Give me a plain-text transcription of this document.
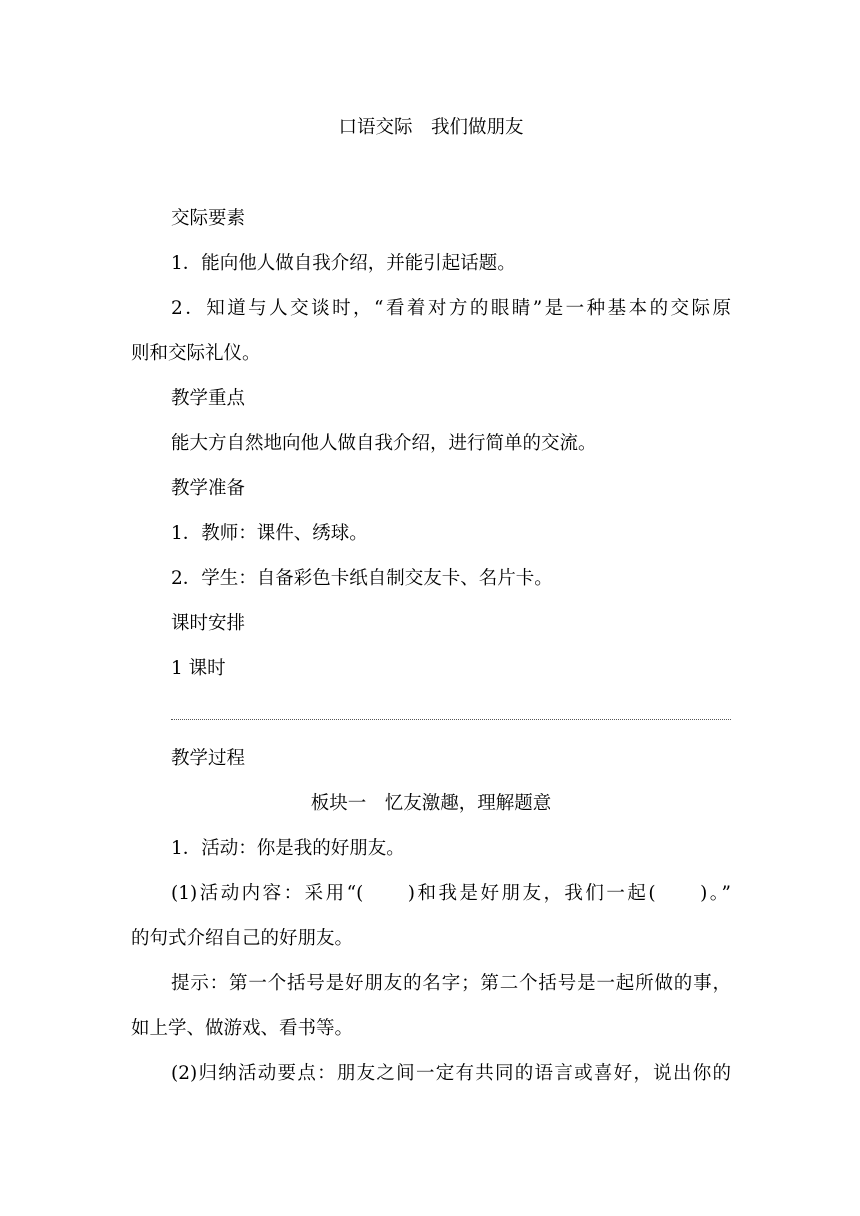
口语交际　我们做朋友

交际要素

1．能向他人做自我介绍，并能引起话题。

2．知道与人交谈时，“看着对方的眼睛”是一种基本的交际原

则和交际礼仪。

教学重点

能大方自然地向他人做自我介绍，进行简单的交流。

教学准备

1．教师：课件、绣球。

2．学生：自备彩色卡纸自制交友卡、名片卡。

课时安排

1 课时

教学过程

板块一　忆友激趣，理解题意

1．活动：你是我的好朋友。

(1)活动内容：采用“(　　)和我是好朋友，我们一起(　　)。”

的句式介绍自己的好朋友。

提示：第一个括号是好朋友的名字；第二个括号是一起所做的事，

如上学、做游戏、看书等。

(2)归纳活动要点：朋友之间一定有共同的语言或喜好，说出你的
